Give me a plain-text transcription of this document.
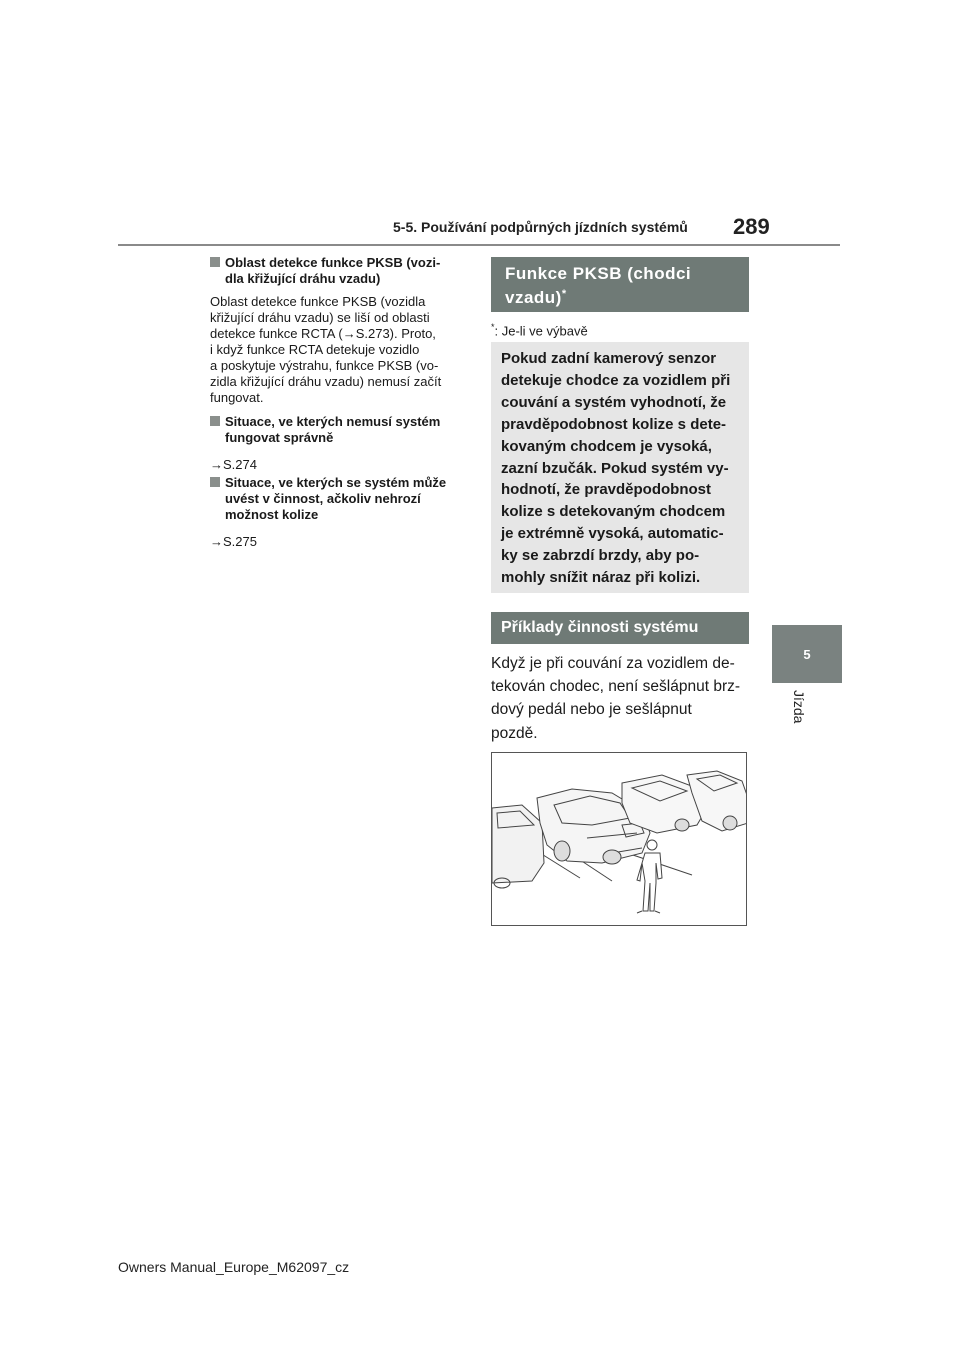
5-5. Používání podpůrných jízdních systémů 289
5
Jízda
Oblast detekce funkce PKSB (vozi-
dla křižující dráhu vzadu)
Oblast detekce funkce PKSB (vozidla
křižující dráhu vzadu) se liší od oblasti
detekce funkce RCTA (→S.273). Proto,
i když funkce RCTA detekuje vozidlo
a poskytuje výstrahu, funkce PKSB (vo-
zidla křižující dráhu vzadu) nemusí začít
fungovat.
Situace, ve kterých nemusí systém
fungovat správně
→S.274
Situace, ve kterých se systém může
uvést v činnost, ačkoliv nehrozí
možnost kolize
→S.275
Funkce PKSB (chodci
vzadu)*
*: Je-li ve výbavě
Pokud zadní kamerový senzor
detekuje chodce za vozidlem při
couvání a systém vyhodnotí, že
pravděpodobnost kolize s dete-
kovaným chodcem je vysoká,
zazní bzučák. Pokud systém vy-
hodnotí, že pravděpodobnost
kolize s detekovaným chodcem
je extrémně vysoká, automatic-
ky se zabrzdí brzdy, aby po-
mohly snížit náraz při kolizi.
Příklady činnosti systému
Když je při couvání za vozidlem de-
tekován chodec, není sešlápnut brz-
dový pedál nebo je sešlápnut
pozdě.
Owners Manual_Europe_M62097_cz
